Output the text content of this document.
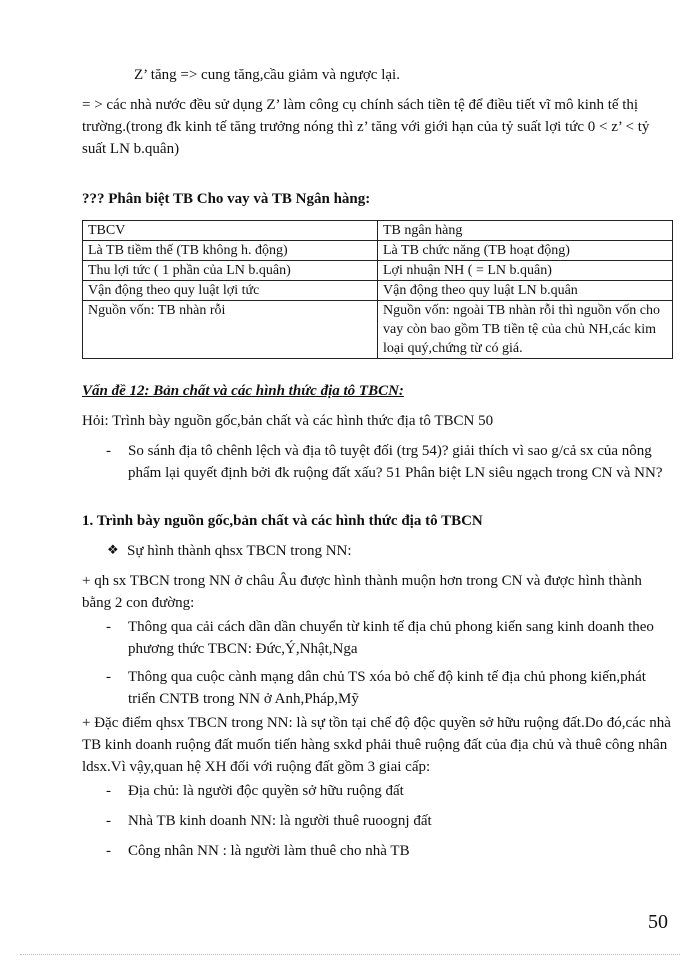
Z’ tăng => cung tăng,cầu giảm và ngược lại.

= > các nhà nước đều sử dụng Z’ làm công cụ chính sách tiền tệ để điều tiết vĩ mô kinh tế thị trường.(trong đk kinh tế tăng trưởng nóng thì z’ tăng với giới hạn của tỷ suất lợi tức 0 < z’ < tỷ suất LN b.quân)

??? Phân biệt TB Cho vay và TB Ngân hàng:

TBCV	TB ngân hàng
Là TB tiềm thế (TB không h. động)	Là TB chức năng (TB hoạt động)
Thu lợi tức ( 1 phần của LN b.quân)	Lợi nhuận NH ( = LN b.quân)
Vận động theo quy luật lợi tức	Vận động theo quy luật LN b.quân
Nguồn vốn: TB nhàn rỗi	Nguồn vốn: ngoài TB nhàn rỗi thì nguồn vốn cho vay còn bao gồm TB tiền tệ của chủ NH,các kim loại quý,chứng từ có giá.

Vấn đề 12: Bản chất và các hình thức địa tô TBCN:

Hỏi: Trình bày nguồn gốc,bản chất và các hình thức địa tô TBCN 50

-	So sánh địa tô chênh lệch và địa tô tuyệt đối (trg 54)? giải thích vì sao g/cả sx của nông phẩm lại quyết định bởi đk ruộng đất xấu? 51 Phân biệt LN siêu ngạch trong CN và NN?

1. Trình bày nguồn gốc,bản chất và các hình thức địa tô TBCN

❖ Sự hình thành qhsx TBCN trong NN:

+ qh sx TBCN trong NN ở châu Âu được hình thành muộn hơn trong CN và được hình thành bằng 2 con đường:

-	Thông qua cải cách dần dần chuyển từ kinh tế địa chủ phong kiến sang kinh doanh theo phương thức TBCN: Đức,Ý,Nhật,Nga
-	Thông qua cuộc cành mạng dân chủ TS xóa bỏ chế độ kinh tế địa chủ phong kiến,phát triển CNTB trong NN ở Anh,Pháp,Mỹ

+ Đặc điểm qhsx TBCN trong NN: là sự tồn tại chế độ độc quyền sở hữu ruộng đất.Do đó,các nhà TB kinh doanh ruộng đất muốn tiến hàng sxkd phải thuê ruộng đất của địa chủ và thuê công nhân ldsx.Vì vậy,quan hệ XH đối với ruộng đất gồm 3 giai cấp:

-	Địa chủ: là người độc quyền sở hữu ruộng đất
-	Nhà TB kinh doanh NN: là người thuê ruoognj đất
-	Công nhân NN : là người làm thuê cho nhà TB
50
